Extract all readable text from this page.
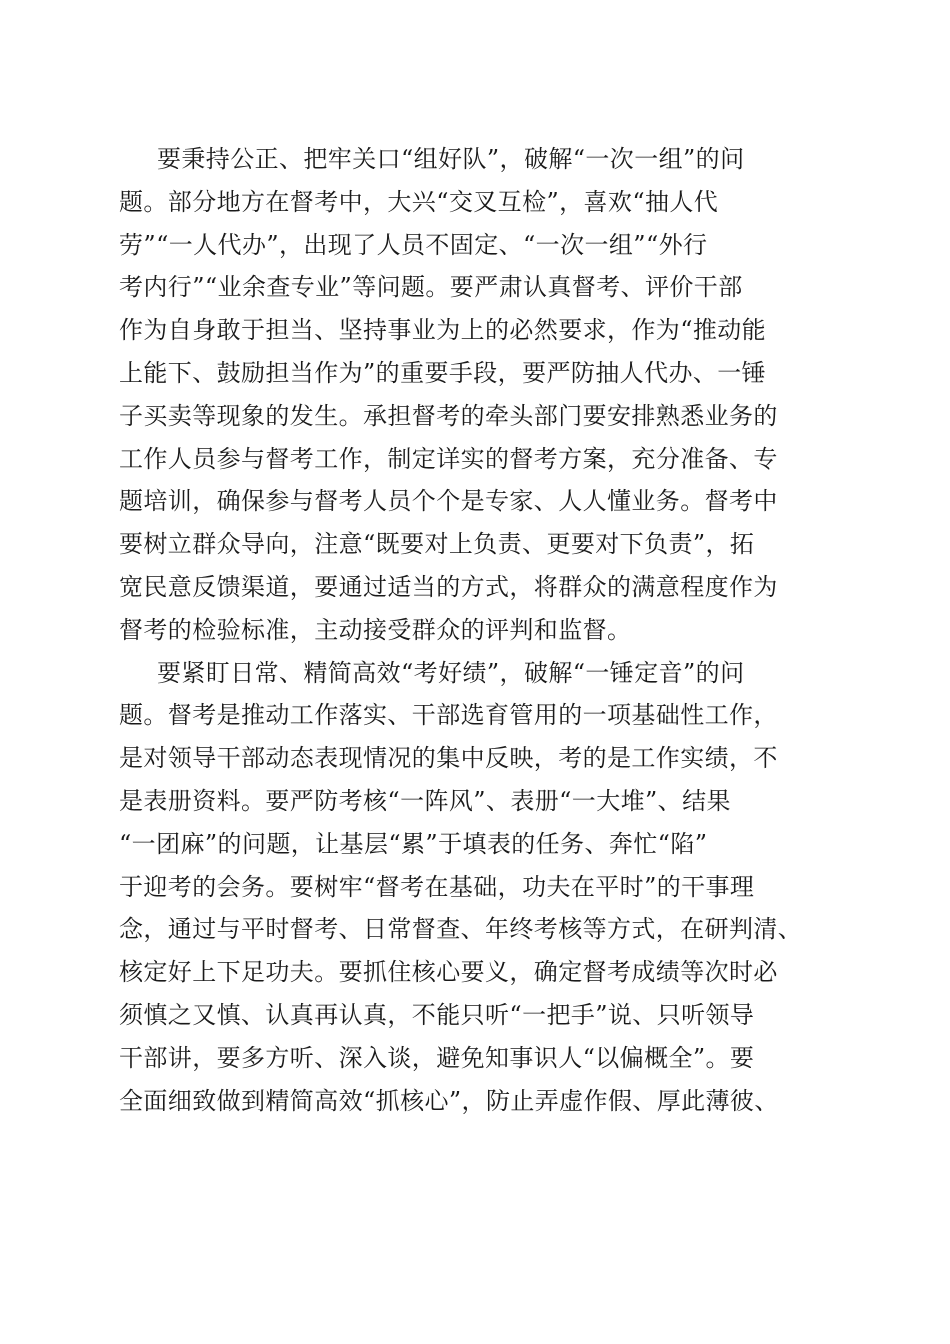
要秉持公正、把牢关口“组好队”，破解“一次一组”的问
题。部分地方在督考中，大兴“交叉互检”，喜欢“抽人代
劳”“一人代办”，出现了人员不固定、“一次一组”“外行
考内行”“业余查专业”等问题。要严肃认真督考、评价干部
作为自身敢于担当、坚持事业为上的必然要求，作为“推动能
上能下、鼓励担当作为”的重要手段，要严防抽人代办、一锤
子买卖等现象的发生。承担督考的牵头部门要安排熟悉业务的
工作人员参与督考工作，制定详实的督考方案，充分准备、专
题培训，确保参与督考人员个个是专家、人人懂业务。督考中
要树立群众导向，注意“既要对上负责、更要对下负责”，拓
宽民意反馈渠道，要通过适当的方式，将群众的满意程度作为
督考的检验标准，主动接受群众的评判和监督。
要紧盯日常、精简高效“考好绩”，破解“一锤定音”的问
题。督考是推动工作落实、干部选育管用的一项基础性工作，
是对领导干部动态表现情况的集中反映，考的是工作实绩，不
是表册资料。要严防考核“一阵风”、表册“一大堆”、结果
“一团麻”的问题，让基层“累”于填表的任务、奔忙“陷”
于迎考的会务。要树牢“督考在基础，功夫在平时”的干事理
念，通过与平时督考、日常督查、年终考核等方式，在研判清、
核定好上下足功夫。要抓住核心要义，确定督考成绩等次时必
须慎之又慎、认真再认真，不能只听“一把手”说、只听领导
干部讲，要多方听、深入谈，避免知事识人“以偏概全”。要
全面细致做到精简高效“抓核心”，防止弄虚作假、厚此薄彼、
